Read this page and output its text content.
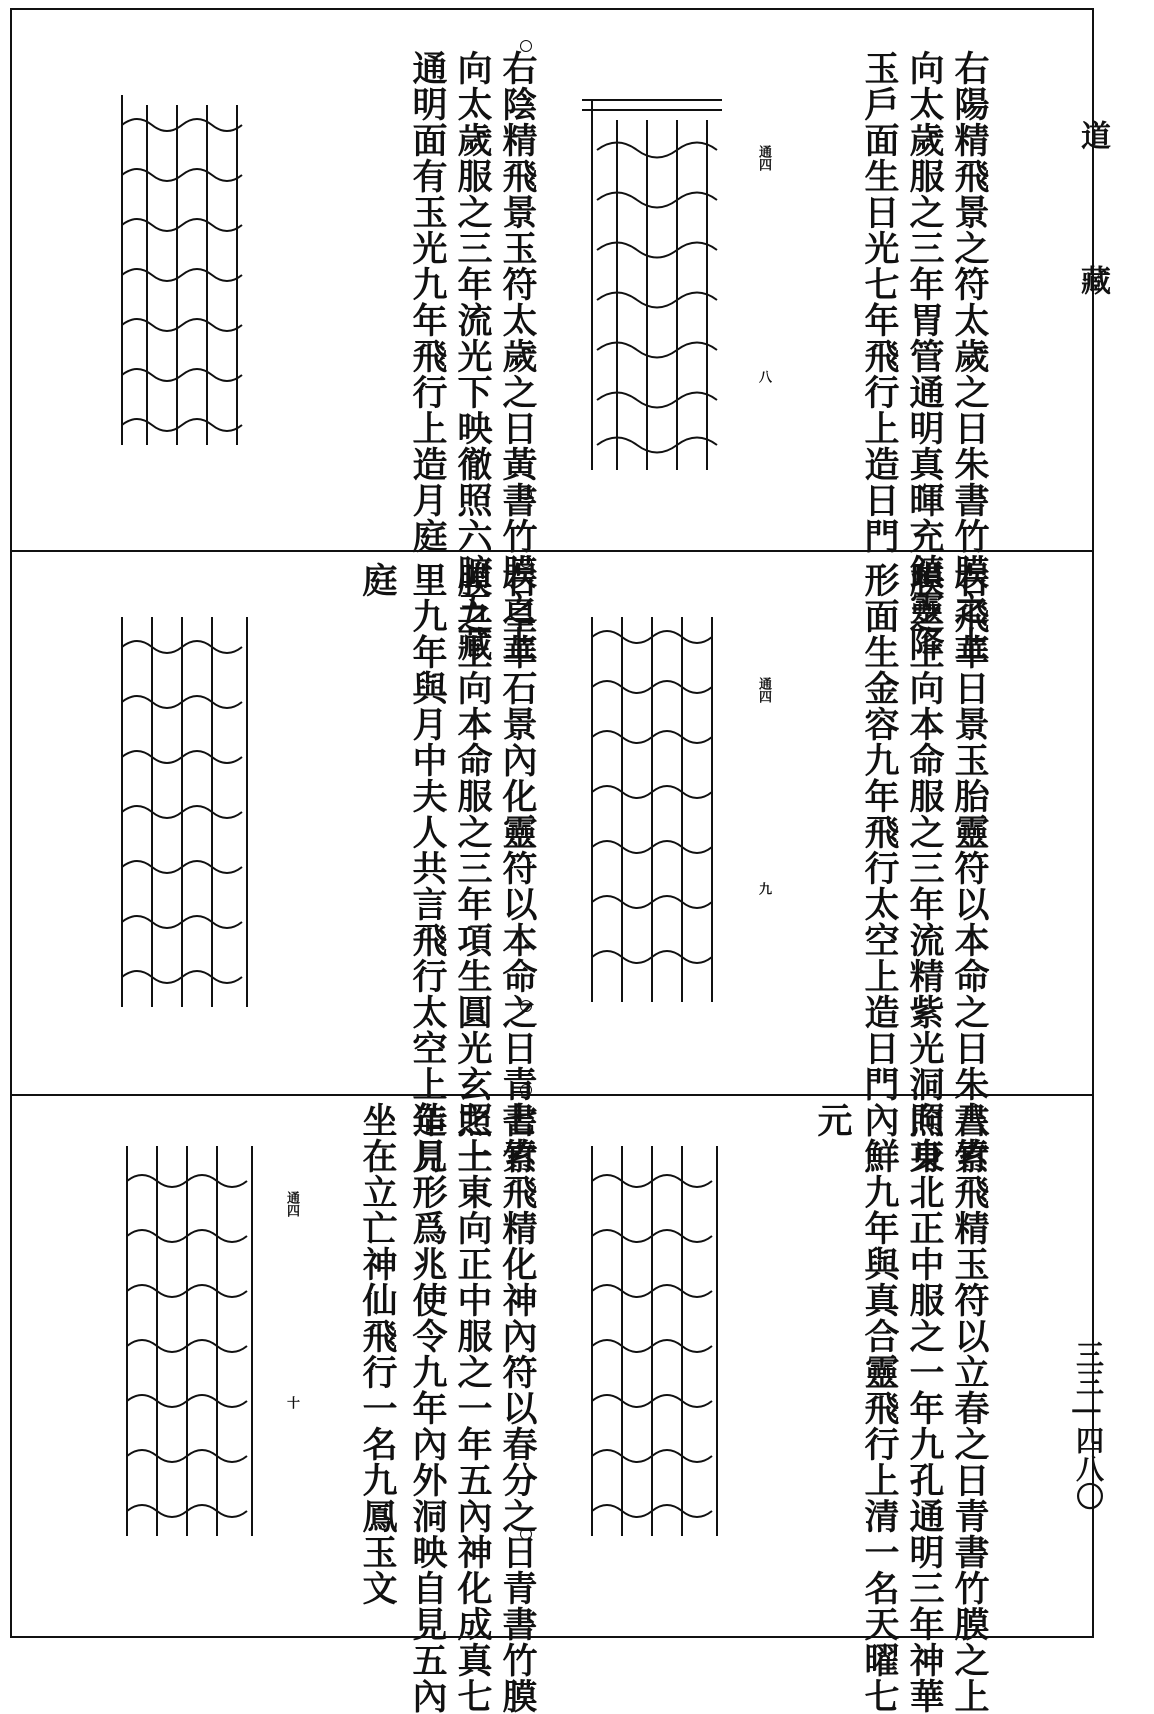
道
藏
三三 | 四八〇
右陽精飛景之符太歲之日朱書竹膜之上
向太歲服之三年胃管通明真暉充鎮靈降
玉戶面生日光七年飛行上造日門
通四
八
右陰精飛景玉符太歲之日黃書竹膜之上
向太歲服之三年流光下映徹照六腑五藏
通明面有玉光九年飛行上造月庭
右飛華日景玉胎靈符以本命之日朱書竹
膜之上向本命服之三年流精紫光洞照身
形面生金容九年飛行太空上造日門
通四
九
右皇華石景內化靈符以本命之日青書竹
膜之上向本命服之三年項生圓光玄照一
里九年與月中夫人共言飛行太空上造月
庭
八素飛精玉符以立春之日青書竹膜之上
向東北正中服之一年九孔通明三年神華
內鮮九年與真合靈飛行上清一名天曜七
元
七素飛精化神內符以春分之日青書竹膜
之上東向正中服之一年五內神化成真七
年見形爲兆使令九年內外洞映自見五內
坐在立亡神仙飛行一名九鳳玉文
通四
十
